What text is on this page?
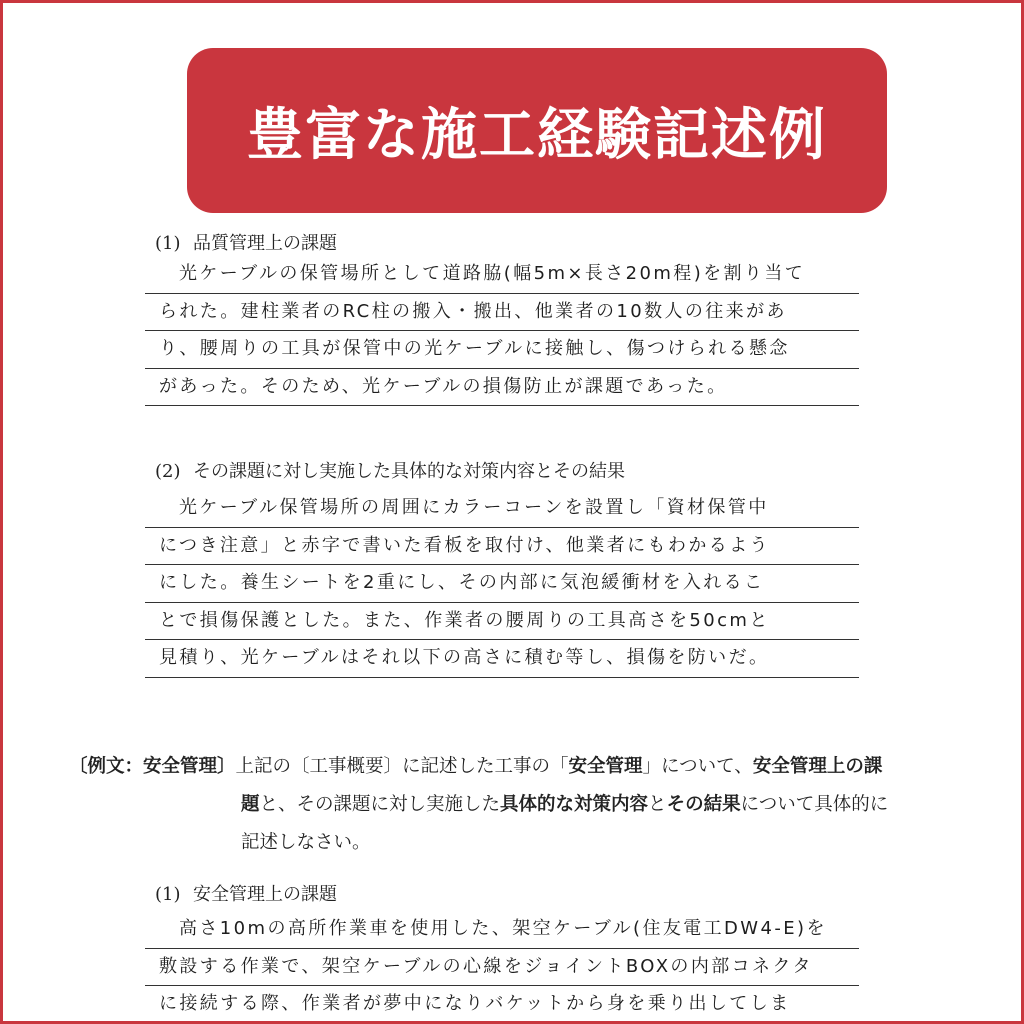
豊富な施工経験記述例
(1) 品質管理上の課題
光ケーブルの保管場所として道路脇(幅5m×長さ20m程)を割り当て
られた。建柱業者のRC柱の搬入・搬出、他業者の10数人の往来があ
り、腰周りの工具が保管中の光ケーブルに接触し、傷つけられる懸念
があった。そのため、光ケーブルの損傷防止が課題であった。
(2) その課題に対し実施した具体的な対策内容とその結果
光ケーブル保管場所の周囲にカラーコーンを設置し「資材保管中
につき注意」と赤字で書いた看板を取付け、他業者にもわかるよう
にした。養生シートを2重にし、その内部に気泡緩衝材を入れるこ
とで損傷保護とした。また、作業者の腰周りの工具高さを50cmと
見積り、光ケーブルはそれ以下の高さに積む等し、損傷を防いだ。
〔例文：安全管理〕上記の〔工事概要〕に記述した工事の「安全管理」について、安全管理上の課
題と、その課題に対し実施した具体的な対策内容とその結果について具体的に
記述しなさい。
(1) 安全管理上の課題
高さ10mの高所作業車を使用した、架空ケーブル(住友電工DW4-E)を
敷設する作業で、架空ケーブルの心線をジョイントBOXの内部コネクタ
に接続する際、作業者が夢中になりバケットから身を乗り出してしま
